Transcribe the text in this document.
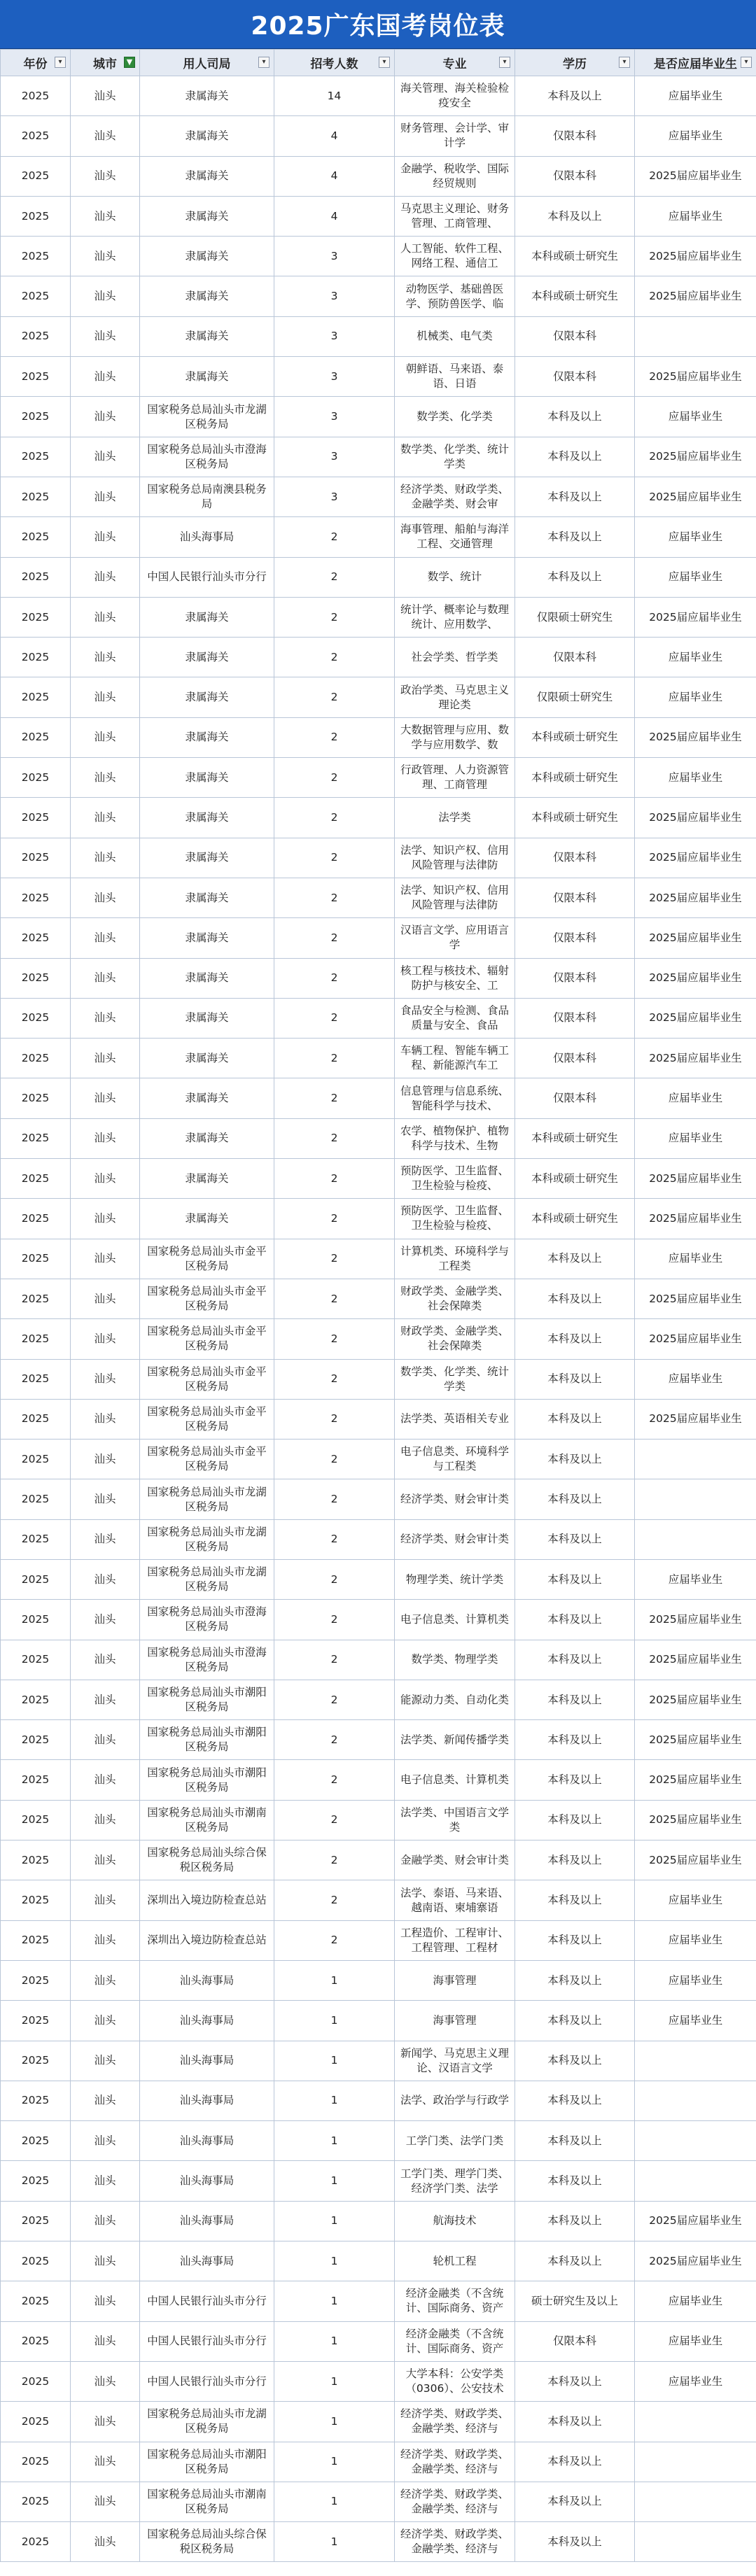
2025广东国考岗位表
年份 ▾	城市 ▼	用人司局 ▾	招考人数 ▾	专业 ▾	学历 ▾	是否应届毕业生 ▾

2025	汕头	隶属海关	14	海关管理、海关检验检疫安全	本科及以上	应届毕业生
2025	汕头	隶属海关	4	财务管理、会计学、审计学	仅限本科	应届毕业生
2025	汕头	隶属海关	4	金融学、税收学、国际经贸规则	仅限本科	2025届应届毕业生
2025	汕头	隶属海关	4	马克思主义理论、财务管理、工商管理、	本科及以上	应届毕业生
2025	汕头	隶属海关	3	人工智能、软件工程、网络工程、通信工	本科或硕士研究生	2025届应届毕业生
2025	汕头	隶属海关	3	动物医学、基础兽医学、预防兽医学、临	本科或硕士研究生	2025届应届毕业生
2025	汕头	隶属海关	3	机械类、电气类	仅限本科	
2025	汕头	隶属海关	3	朝鲜语、马来语、泰语、日语	仅限本科	2025届应届毕业生
2025	汕头	国家税务总局汕头市龙湖区税务局	3	数学类、化学类	本科及以上	应届毕业生
2025	汕头	国家税务总局汕头市澄海区税务局	3	数学类、化学类、统计学类	本科及以上	2025届应届毕业生
2025	汕头	国家税务总局南澳县税务局	3	经济学类、财政学类、金融学类、财会审	本科及以上	2025届应届毕业生
2025	汕头	汕头海事局	2	海事管理、船舶与海洋工程、交通管理	本科及以上	应届毕业生
2025	汕头	中国人民银行汕头市分行	2	数学、统计	本科及以上	应届毕业生
2025	汕头	隶属海关	2	统计学、概率论与数理统计、应用数学、	仅限硕士研究生	2025届应届毕业生
2025	汕头	隶属海关	2	社会学类、哲学类	仅限本科	应届毕业生
2025	汕头	隶属海关	2	政治学类、马克思主义理论类	仅限硕士研究生	应届毕业生
2025	汕头	隶属海关	2	大数据管理与应用、数学与应用数学、数	本科或硕士研究生	2025届应届毕业生
2025	汕头	隶属海关	2	行政管理、人力资源管理、工商管理	本科或硕士研究生	应届毕业生
2025	汕头	隶属海关	2	法学类	本科或硕士研究生	2025届应届毕业生
2025	汕头	隶属海关	2	法学、知识产权、信用风险管理与法律防	仅限本科	2025届应届毕业生
2025	汕头	隶属海关	2	法学、知识产权、信用风险管理与法律防	仅限本科	2025届应届毕业生
2025	汕头	隶属海关	2	汉语言文学、应用语言学	仅限本科	2025届应届毕业生
2025	汕头	隶属海关	2	核工程与核技术、辐射防护与核安全、工	仅限本科	2025届应届毕业生
2025	汕头	隶属海关	2	食品安全与检测、食品质量与安全、食品	仅限本科	2025届应届毕业生
2025	汕头	隶属海关	2	车辆工程、智能车辆工程、新能源汽车工	仅限本科	2025届应届毕业生
2025	汕头	隶属海关	2	信息管理与信息系统、智能科学与技术、	仅限本科	应届毕业生
2025	汕头	隶属海关	2	农学、植物保护、植物科学与技术、生物	本科或硕士研究生	应届毕业生
2025	汕头	隶属海关	2	预防医学、卫生监督、卫生检验与检疫、	本科或硕士研究生	2025届应届毕业生
2025	汕头	隶属海关	2	预防医学、卫生监督、卫生检验与检疫、	本科或硕士研究生	2025届应届毕业生
2025	汕头	国家税务总局汕头市金平区税务局	2	计算机类、环境科学与工程类	本科及以上	应届毕业生
2025	汕头	国家税务总局汕头市金平区税务局	2	财政学类、金融学类、社会保障类	本科及以上	2025届应届毕业生
2025	汕头	国家税务总局汕头市金平区税务局	2	财政学类、金融学类、社会保障类	本科及以上	2025届应届毕业生
2025	汕头	国家税务总局汕头市金平区税务局	2	数学类、化学类、统计学类	本科及以上	应届毕业生
2025	汕头	国家税务总局汕头市金平区税务局	2	法学类、英语相关专业	本科及以上	2025届应届毕业生
2025	汕头	国家税务总局汕头市金平区税务局	2	电子信息类、环境科学与工程类	本科及以上	
2025	汕头	国家税务总局汕头市龙湖区税务局	2	经济学类、财会审计类	本科及以上	
2025	汕头	国家税务总局汕头市龙湖区税务局	2	经济学类、财会审计类	本科及以上	
2025	汕头	国家税务总局汕头市龙湖区税务局	2	物理学类、统计学类	本科及以上	应届毕业生
2025	汕头	国家税务总局汕头市澄海区税务局	2	电子信息类、计算机类	本科及以上	2025届应届毕业生
2025	汕头	国家税务总局汕头市澄海区税务局	2	数学类、物理学类	本科及以上	2025届应届毕业生
2025	汕头	国家税务总局汕头市潮阳区税务局	2	能源动力类、自动化类	本科及以上	2025届应届毕业生
2025	汕头	国家税务总局汕头市潮阳区税务局	2	法学类、新闻传播学类	本科及以上	2025届应届毕业生
2025	汕头	国家税务总局汕头市潮阳区税务局	2	电子信息类、计算机类	本科及以上	2025届应届毕业生
2025	汕头	国家税务总局汕头市潮南区税务局	2	法学类、中国语言文学类	本科及以上	2025届应届毕业生
2025	汕头	国家税务总局汕头综合保税区税务局	2	金融学类、财会审计类	本科及以上	2025届应届毕业生
2025	汕头	深圳出入境边防检查总站	2	法学、泰语、马来语、越南语、柬埔寨语	本科及以上	应届毕业生
2025	汕头	深圳出入境边防检查总站	2	工程造价、工程审计、工程管理、工程材	本科及以上	应届毕业生
2025	汕头	汕头海事局	1	海事管理	本科及以上	应届毕业生
2025	汕头	汕头海事局	1	海事管理	本科及以上	应届毕业生
2025	汕头	汕头海事局	1	新闻学、马克思主义理论、汉语言文学	本科及以上	
2025	汕头	汕头海事局	1	法学、政治学与行政学	本科及以上	
2025	汕头	汕头海事局	1	工学门类、法学门类	本科及以上	
2025	汕头	汕头海事局	1	工学门类、理学门类、经济学门类、法学	本科及以上	
2025	汕头	汕头海事局	1	航海技术	本科及以上	2025届应届毕业生
2025	汕头	汕头海事局	1	轮机工程	本科及以上	2025届应届毕业生
2025	汕头	中国人民银行汕头市分行	1	经济金融类（不含统计、国际商务、资产	硕士研究生及以上	应届毕业生
2025	汕头	中国人民银行汕头市分行	1	经济金融类（不含统计、国际商务、资产	仅限本科	应届毕业生
2025	汕头	中国人民银行汕头市分行	1	大学本科：公安学类（0306）、公安技术	本科及以上	应届毕业生
2025	汕头	国家税务总局汕头市龙湖区税务局	1	经济学类、财政学类、金融学类、经济与	本科及以上	
2025	汕头	国家税务总局汕头市潮阳区税务局	1	经济学类、财政学类、金融学类、经济与	本科及以上	
2025	汕头	国家税务总局汕头市潮南区税务局	1	经济学类、财政学类、金融学类、经济与	本科及以上	
2025	汕头	国家税务总局汕头综合保税区税务局	1	经济学类、财政学类、金融学类、经济与	本科及以上	
